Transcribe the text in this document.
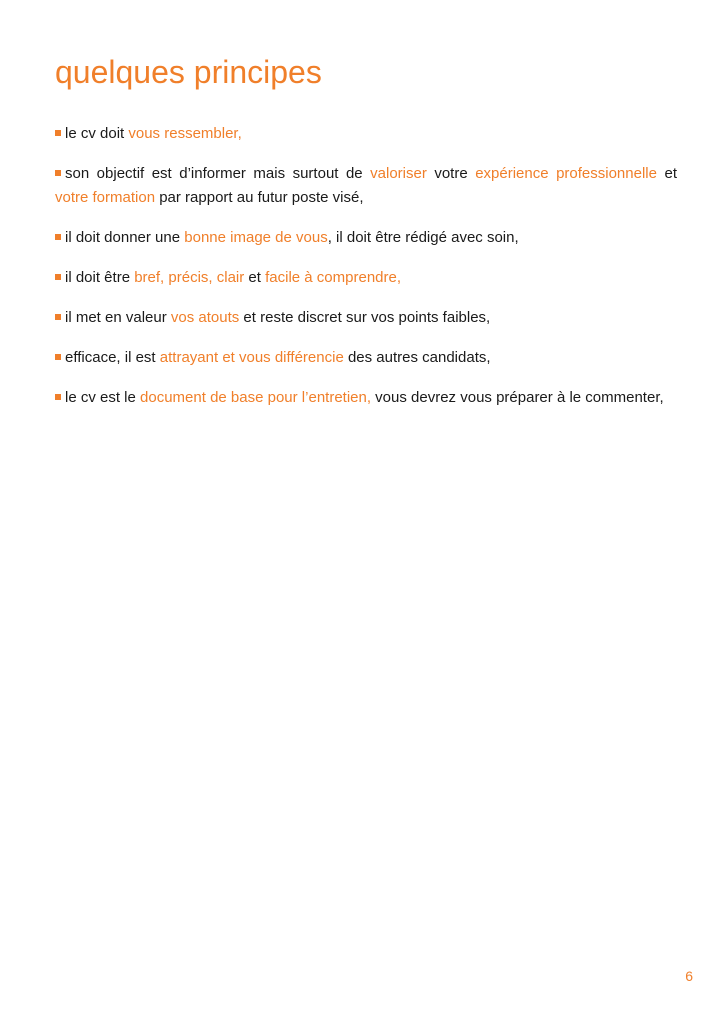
quelques principes
le cv doit vous ressembler,
son objectif est d’informer mais surtout de valoriser votre expérience professionnelle et votre formation par rapport au futur poste visé,
il doit donner une bonne image de vous, il doit être rédigé avec soin,
il doit être bref, précis, clair et facile à comprendre,
il met en valeur vos atouts et reste discret sur vos points faibles,
efficace, il est attrayant et vous différencie des autres candidats,
le cv est le document de base pour l’entretien, vous devrez vous préparer à le commenter,
6
